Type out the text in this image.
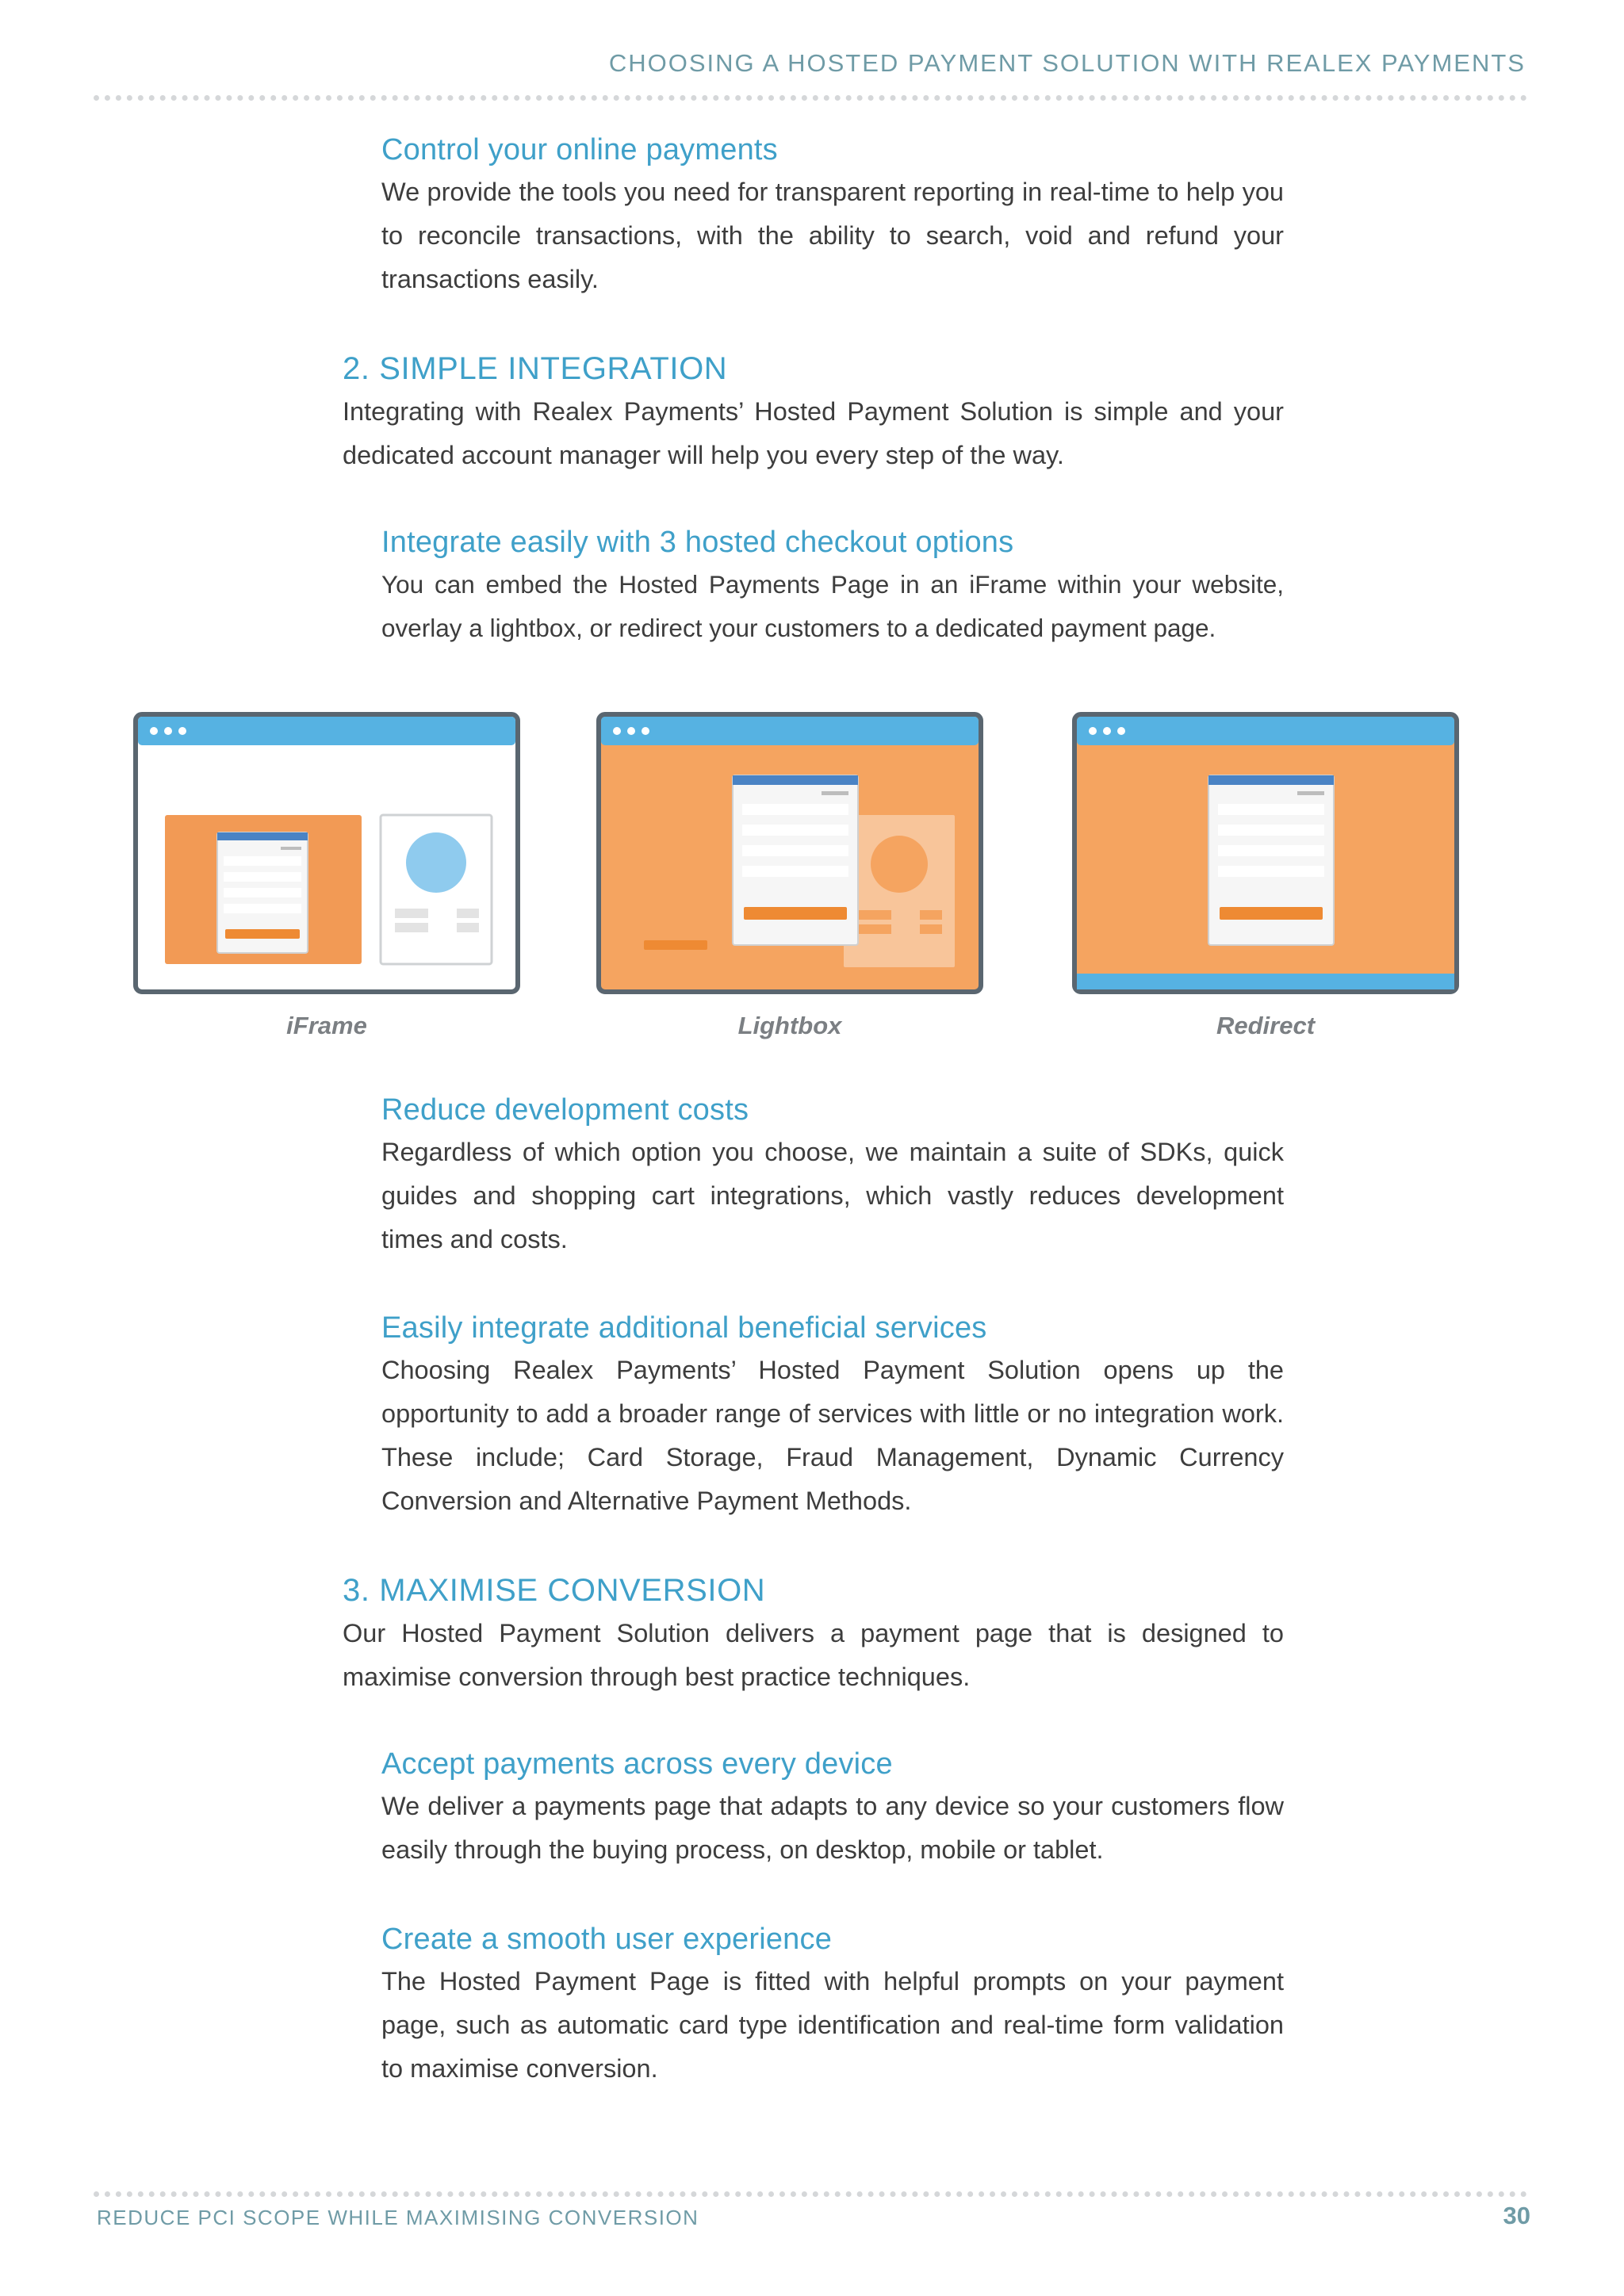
CHOOSING A HOSTED PAYMENT SOLUTION WITH REALEX PAYMENTS
Control your online payments

We provide the tools you need for transparent reporting in real-time to help you to reconcile transactions, with the ability to search, void and refund your transactions easily.

2. SIMPLE INTEGRATION

Integrating with Realex Payments’ Hosted Payment Solution is simple and your dedicated account manager will help you every step of the way.

Integrate easily with 3 hosted checkout options

You can embed the Hosted Payments Page in an iFrame within your website, overlay a lightbox, or redirect your customers to a dedicated payment page.

iFrame	Lightbox	Redirect
Reduce development costs

Regardless of which option you choose, we maintain a suite of SDKs, quick guides and shopping cart integrations, which vastly reduces development times and costs.

Easily integrate additional beneficial services

Choosing Realex Payments’ Hosted Payment Solution opens up the opportunity to add a broader range of services with little or no integration work. These include; Card Storage, Fraud Management, Dynamic Currency Conversion and Alternative Payment Methods.

3. MAXIMISE CONVERSION

Our Hosted Payment Solution delivers a payment page that is designed to maximise conversion through best practice techniques.

Accept payments across every device

We deliver a payments page that adapts to any device so your customers flow easily through the buying process, on desktop, mobile or tablet.

Create a smooth user experience

The Hosted Payment Page is fitted with helpful prompts on your payment page, such as automatic card type identification and real-time form validation to maximise conversion.

REDUCE PCI SCOPE WHILE MAXIMISING CONVERSION	30
